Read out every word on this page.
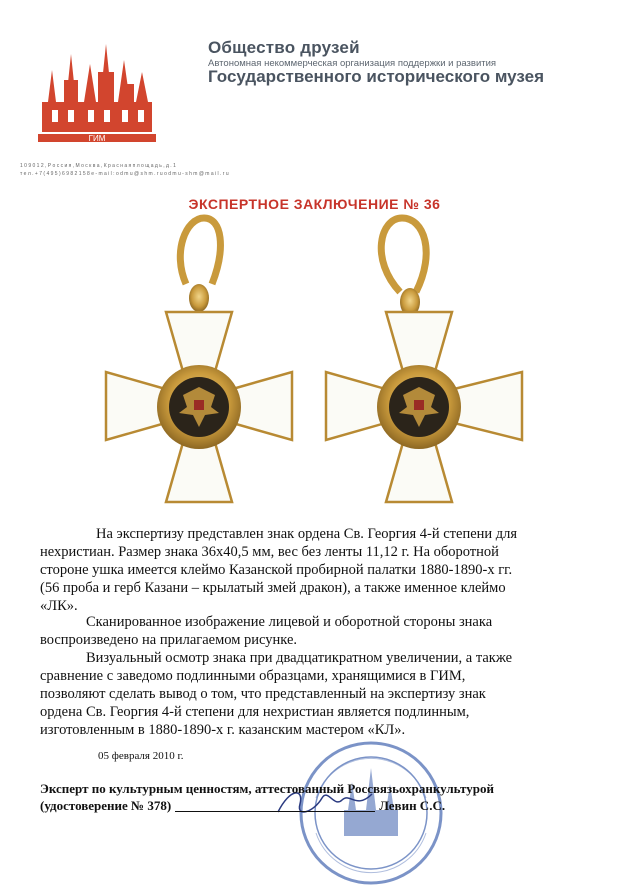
ГИМ
Общество друзей
Автономная некоммерческая организация поддержки и развития
Государственного исторического музея
1 0 9 0 1 2 , Р о с с и я , М о с к в а , К р а с н а я п л о щ а д ь , д . 1
т е л . + 7 ( 4 9 5 ) 6 9 8 2 1 5 8 e - m a i l : o d m u @ s h m . r u o d m u - s h m @ m a i l . r u
ЭКСПЕРТНОЕ ЗАКЛЮЧЕНИЕ № 36
На экспертизу представлен знак ордена Св. Георгия 4-й степени для
нехристиан. Размер знака 36х40,5 мм, вес без ленты 11,12 г. На оборотной
стороне ушка имеется клеймо Казанской пробирной палатки 1880-1890-х гг.
(56 проба и герб Казани – крылатый змей дракон), а также именное клеймо
«ЛК».
Сканированное изображение лицевой и оборотной стороны знака
воспроизведено на прилагаемом рисунке.
Визуальный осмотр знака при двадцатикратном увеличении, а также
сравнение с заведомо подлинными образцами, хранящимися в ГИМ,
позволяют сделать вывод о том, что представленный на экспертизу знак
ордена Св. Георгия 4-й степени для нехристиан является подлинным,
изготовленным в 1880-1890-х г. казанским мастером «КЛ».
05 февраля 2010 г.
Эксперт по культурным ценностям, аттестованный Россвязьохранкультурой
(удостоверение № 378)	Левин С.С.
